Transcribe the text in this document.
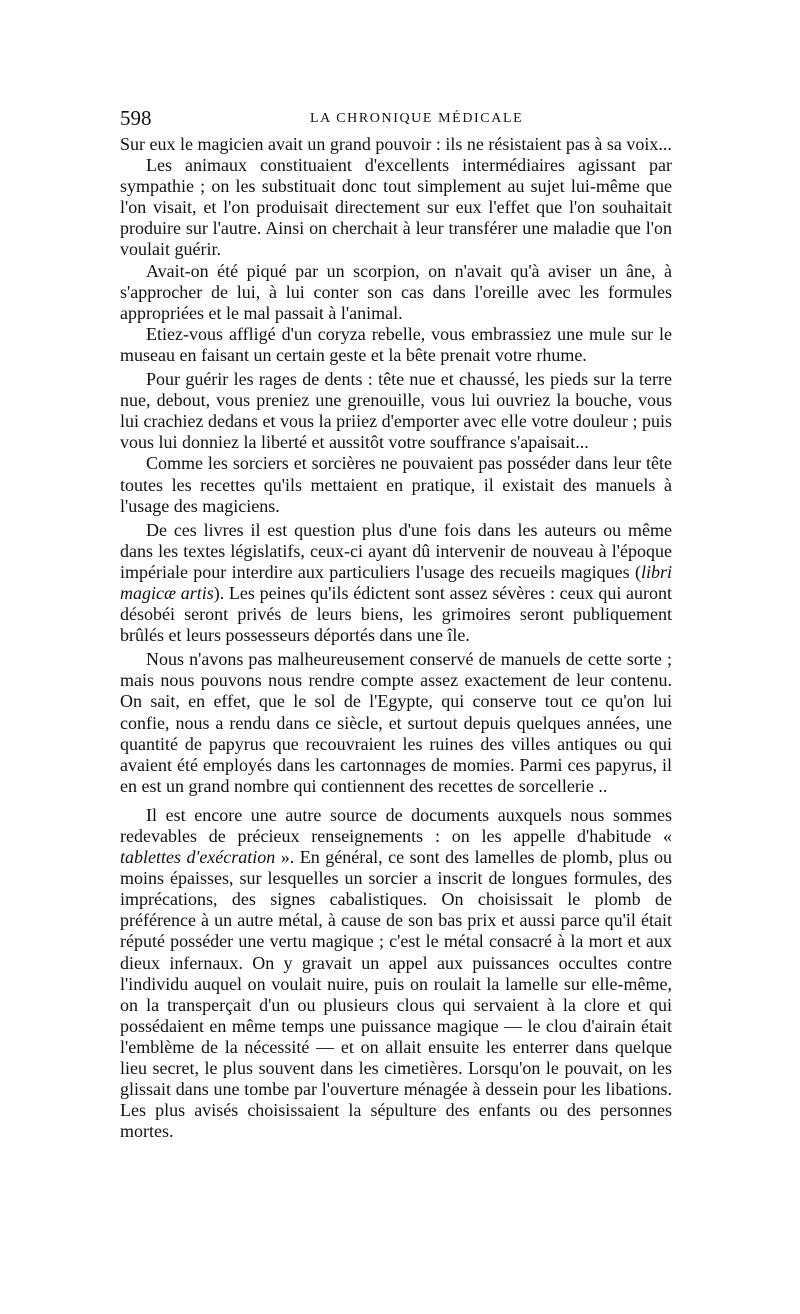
598	LA CHRONIQUE MÉDICALE

Sur eux le magicien avait un grand pouvoir : ils ne résistaient pas à sa voix...

Les animaux constituaient d'excellents intermédiaires agissant par sympathie ; on les substituait donc tout simplement au sujet lui-même que l'on visait, et l'on produisait directement sur eux l'effet que l'on souhaitait produire sur l'autre. Ainsi on cherchait à leur transférer une maladie que l'on voulait guérir.

Avait-on été piqué par un scorpion, on n'avait qu'à aviser un âne, à s'approcher de lui, à lui conter son cas dans l'oreille avec les formules appropriées et le mal passait à l'animal.

Etiez-vous affligé d'un coryza rebelle, vous embrassiez une mule sur le museau en faisant un certain geste et la bête prenait votre rhume.

Pour guérir les rages de dents : tête nue et chaussé, les pieds sur la terre nue, debout, vous preniez une grenouille, vous lui ouvriez la bouche, vous lui crachiez dedans et vous la priiez d'emporter avec elle votre douleur ; puis vous lui donniez la liberté et aussitôt votre souffrance s'apaisait...

Comme les sorciers et sorcières ne pouvaient pas posséder dans leur tête toutes les recettes qu'ils mettaient en pratique, il existait des manuels à l'usage des magiciens.

De ces livres il est question plus d'une fois dans les auteurs ou même dans les textes législatifs, ceux-ci ayant dû intervenir de nouveau à l'époque impériale pour interdire aux particuliers l'usage des recueils magiques (libri magicæ artis). Les peines qu'ils édictent sont assez sévères : ceux qui auront désobéi seront privés de leurs biens, les grimoires seront publiquement brûlés et leurs possesseurs déportés dans une île.

Nous n'avons pas malheureusement conservé de manuels de cette sorte ; mais nous pouvons nous rendre compte assez exactement de leur contenu. On sait, en effet, que le sol de l'Egypte, qui conserve tout ce qu'on lui confie, nous a rendu dans ce siècle, et surtout depuis quelques années, une quantité de papyrus que recouvraient les ruines des villes antiques ou qui avaient été employés dans les cartonnages de momies. Parmi ces papyrus, il en est un grand nombre qui contiennent des recettes de sorcellerie ..

Il est encore une autre source de documents auxquels nous sommes redevables de précieux renseignements : on les appelle d'habitude « tablettes d'exécration ». En général, ce sont des lamelles de plomb, plus ou moins épaisses, sur lesquelles un sorcier a inscrit de longues formules, des imprécations, des signes cabalistiques. On choisissait le plomb de préférence à un autre métal, à cause de son bas prix et aussi parce qu'il était réputé posséder une vertu magique ; c'est le métal consacré à la mort et aux dieux infernaux. On y gravait un appel aux puissances occultes contre l'individu auquel on voulait nuire, puis on roulait la lamelle sur elle-même, on la transperçait d'un ou plusieurs clous qui servaient à la clore et qui possédaient en même temps une puissance magique — le clou d'airain était l'emblème de la nécessité — et on allait ensuite les enterrer dans quelque lieu secret, le plus souvent dans les cimetières. Lorsqu'on le pouvait, on les glissait dans une tombe par l'ouverture ménagée à dessein pour les libations. Les plus avisés choisissaient la sépulture des enfants ou des personnes mortes.
